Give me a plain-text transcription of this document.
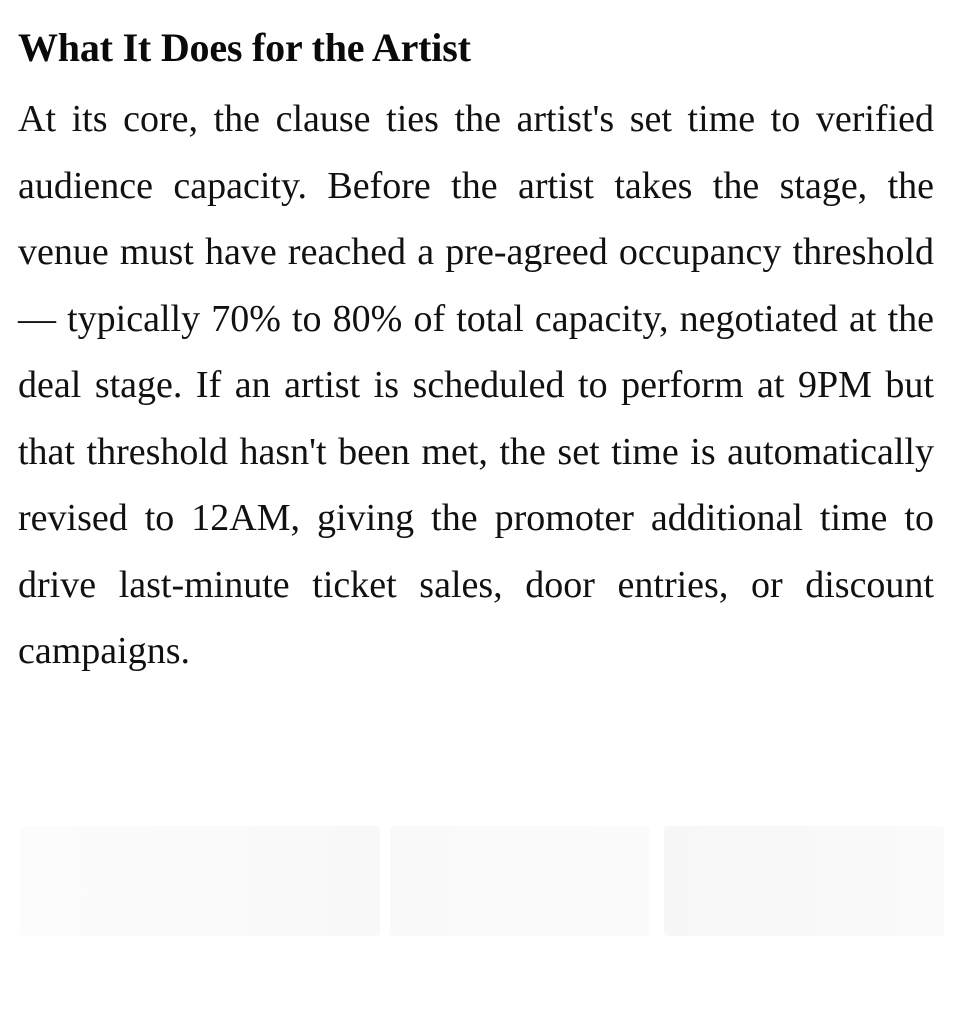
What It Does for the Artist

At its core, the clause ties the artist's set time to verified audience capacity. Before the artist takes the stage, the venue must have reached a pre-agreed occupancy threshold — typically 70% to 80% of total capacity, negotiated at the deal stage. If an artist is scheduled to perform at 9PM but that threshold hasn't been met, the set time is automatically revised to 12AM, giving the promoter additional time to drive last-minute ticket sales, door entries, or discount campaigns.
